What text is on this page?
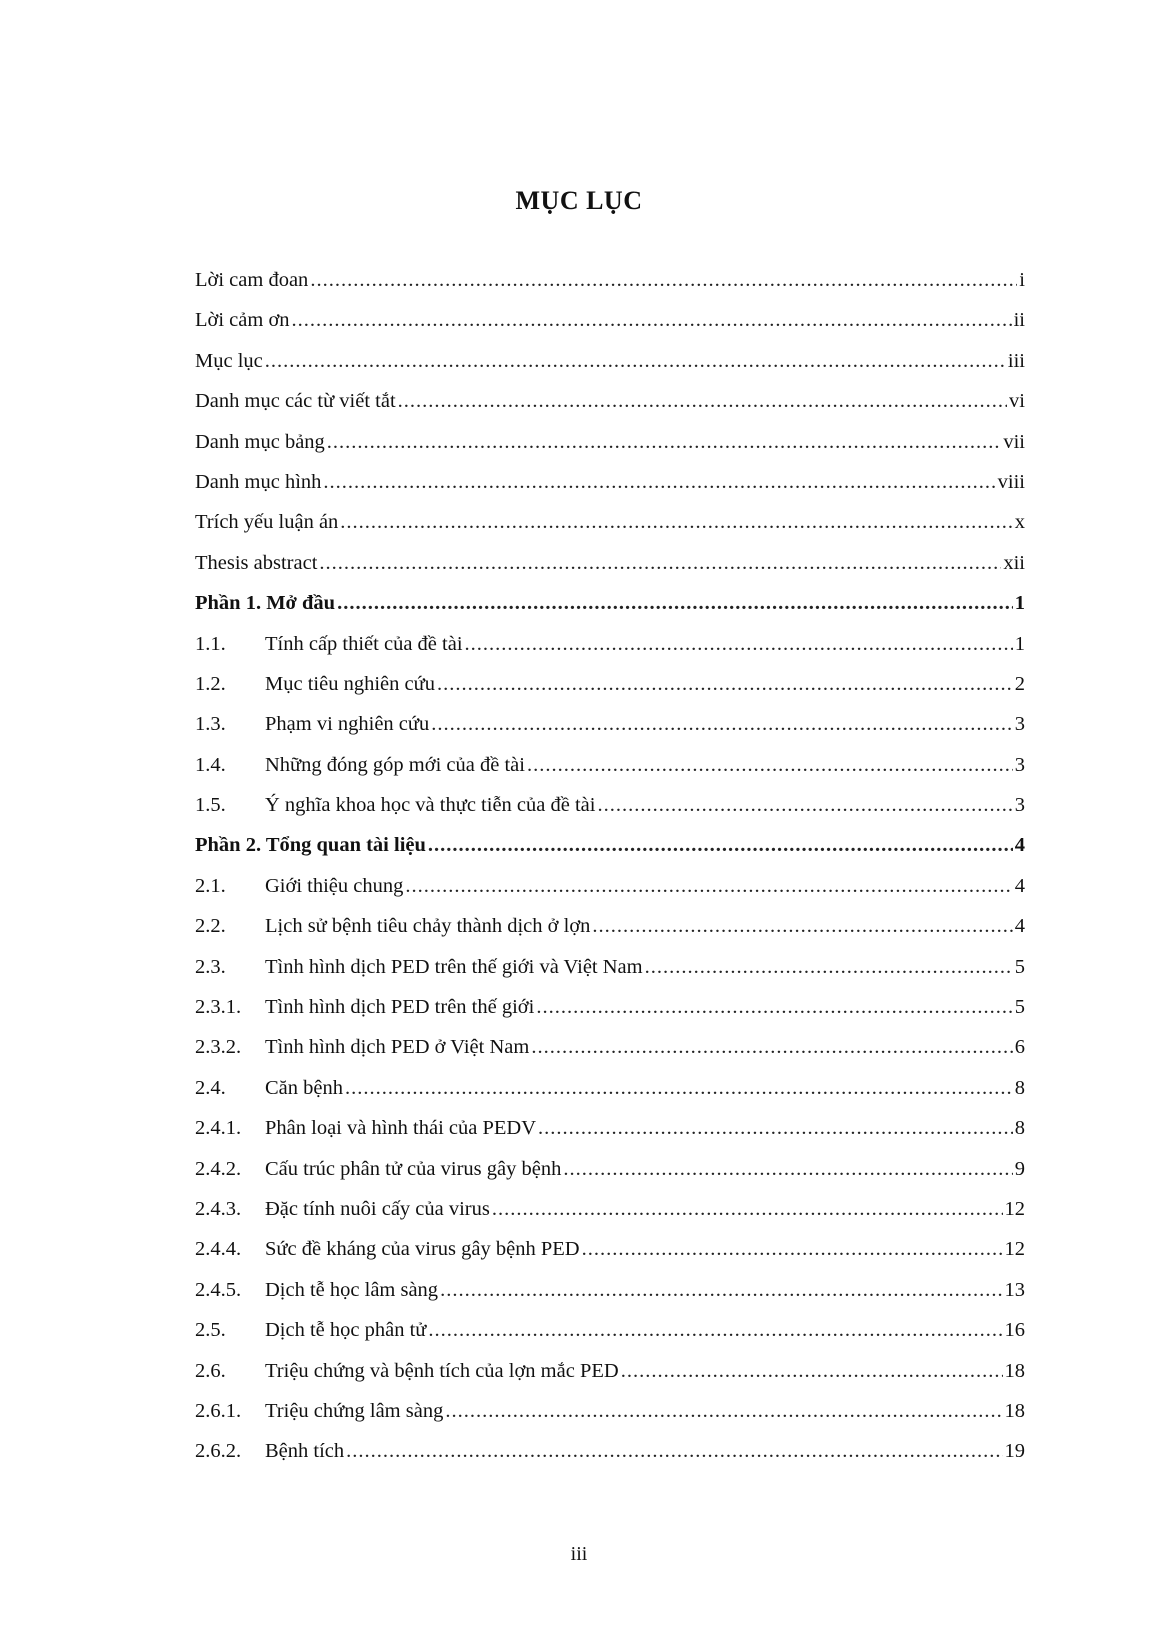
MỤC LỤC
Lời cam đoan .....	i
Lời cảm ơn .....	ii
Mục lục .....	iii
Danh mục các từ viết tắt .....	vi
Danh mục bảng .....	vii
Danh mục hình .....	viii
Trích yếu luận án .....	x
Thesis abstract .....	xii
Phần 1. Mở đầu .....	1
1.1.	Tính cấp thiết của đề tài .....	1
1.2.	Mục tiêu nghiên cứu .....	2
1.3.	Phạm vi nghiên cứu .....	3
1.4.	Những đóng góp mới của đề tài .....	3
1.5.	Ý nghĩa khoa học và thực tiễn của đề tài .....	3
Phần 2. Tổng quan tài liệu .....	4
2.1.	Giới thiệu chung .....	4
2.2.	Lịch sử bệnh tiêu chảy thành dịch ở lợn .....	4
2.3.	Tình hình dịch PED trên thế giới và Việt Nam .....	5
2.3.1.	Tình hình dịch PED trên thế giới .....	5
2.3.2.	Tình hình dịch PED ở Việt Nam .....	6
2.4.	Căn bệnh .....	8
2.4.1.	Phân loại và hình thái của PEDV .....	8
2.4.2.	Cấu trúc phân tử của virus gây bệnh .....	9
2.4.3.	Đặc tính nuôi cấy của virus .....	12
2.4.4.	Sức đề kháng của virus gây bệnh PED .....	12
2.4.5.	Dịch tễ học lâm sàng .....	13
2.5.	Dịch tễ học phân tử .....	16
2.6.	Triệu chứng và bệnh tích của lợn mắc PED .....	18
2.6.1.	Triệu chứng lâm sàng .....	18
2.6.2.	Bệnh tích .....	19
iii
